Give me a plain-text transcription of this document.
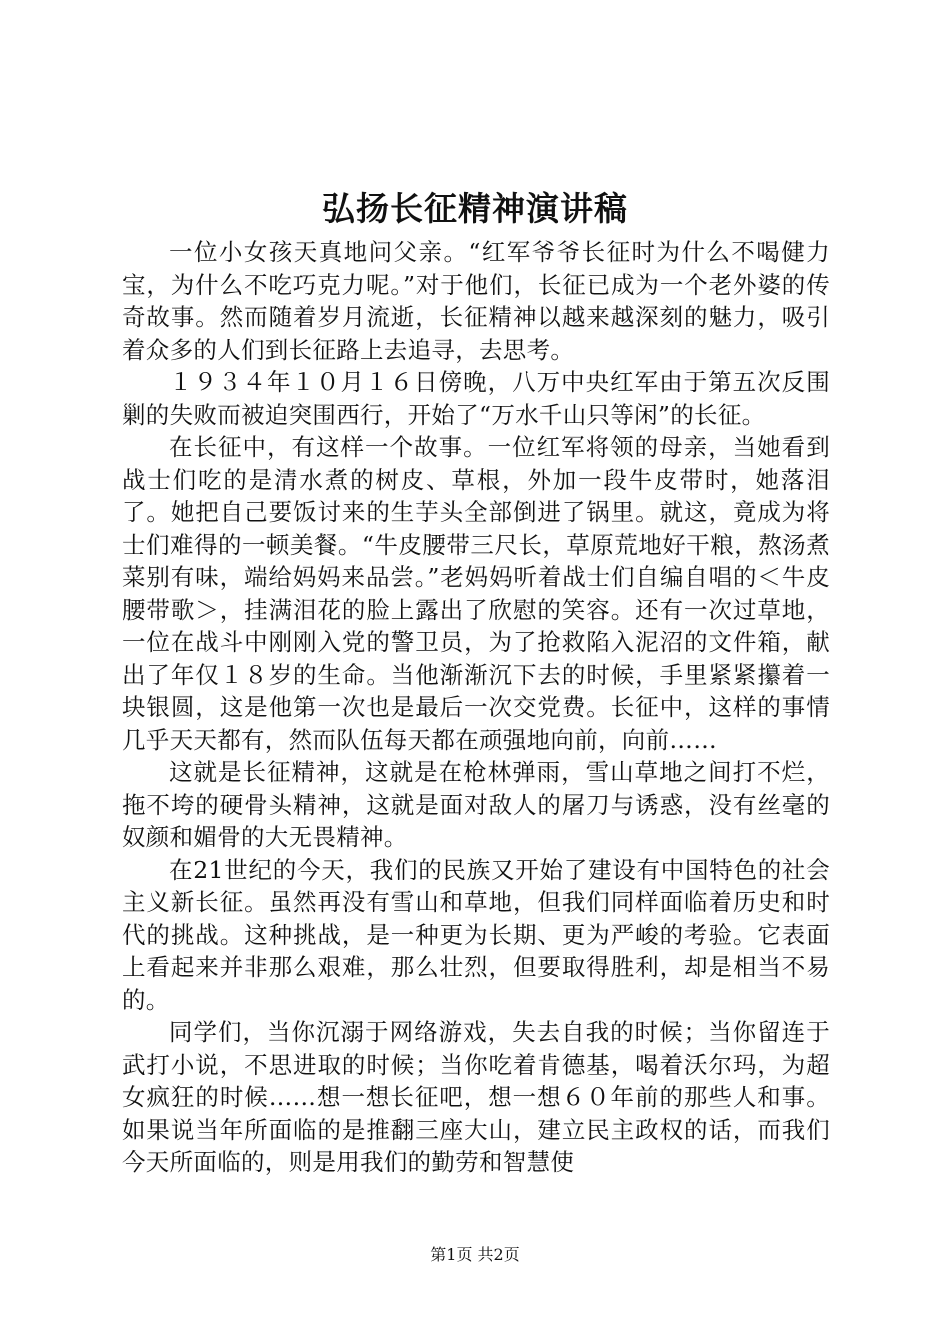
弘扬长征精神演讲稿

一位小女孩天真地问父亲。“红军爷爷长征时为什么不喝健力宝，为什么不吃巧克力呢。”对于他们，长征已成为一个老外婆的传奇故事。然而随着岁月流逝，长征精神以越来越深刻的魅力，吸引着众多的人们到长征路上去追寻，去思考。

１９３４年１０月１６日傍晚，八万中央红军由于第五次反围剿的失败而被迫突围西行，开始了“万水千山只等闲”的长征。

在长征中，有这样一个故事。一位红军将领的母亲，当她看到战士们吃的是清水煮的树皮、草根，外加一段牛皮带时，她落泪了。她把自己要饭讨来的生芋头全部倒进了锅里。就这，竟成为将士们难得的一顿美餐。“牛皮腰带三尺长，草原荒地好干粮，熬汤煮菜别有味，端给妈妈来品尝。”老妈妈听着战士们自编自唱的＜牛皮腰带歌＞，挂满泪花的脸上露出了欣慰的笑容。还有一次过草地，一位在战斗中刚刚入党的警卫员，为了抢救陷入泥沼的文件箱，献出了年仅１８岁的生命。当他渐渐沉下去的时候，手里紧紧攥着一块银圆，这是他第一次也是最后一次交党费。长征中，这样的事情几乎天天都有，然而队伍每天都在顽强地向前，向前……

这就是长征精神，这就是在枪林弹雨，雪山草地之间打不烂，拖不垮的硬骨头精神，这就是面对敌人的屠刀与诱惑，没有丝毫的奴颜和媚骨的大无畏精神。

在21世纪的今天，我们的民族又开始了建设有中国特色的社会主义新长征。虽然再没有雪山和草地，但我们同样面临着历史和时代的挑战。这种挑战，是一种更为长期、更为严峻的考验。它表面上看起来并非那么艰难，那么壮烈，但要取得胜利，却是相当不易的。

同学们，当你沉溺于网络游戏，失去自我的时候；当你留连于武打小说，不思进取的时候；当你吃着肯德基，喝着沃尔玛，为超女疯狂的时候……想一想长征吧，想一想６０年前的那些人和事。如果说当年所面临的是推翻三座大山，建立民主政权的话，而我们今天所面临的，则是用我们的勤劳和智慧使

第1页 共2页
